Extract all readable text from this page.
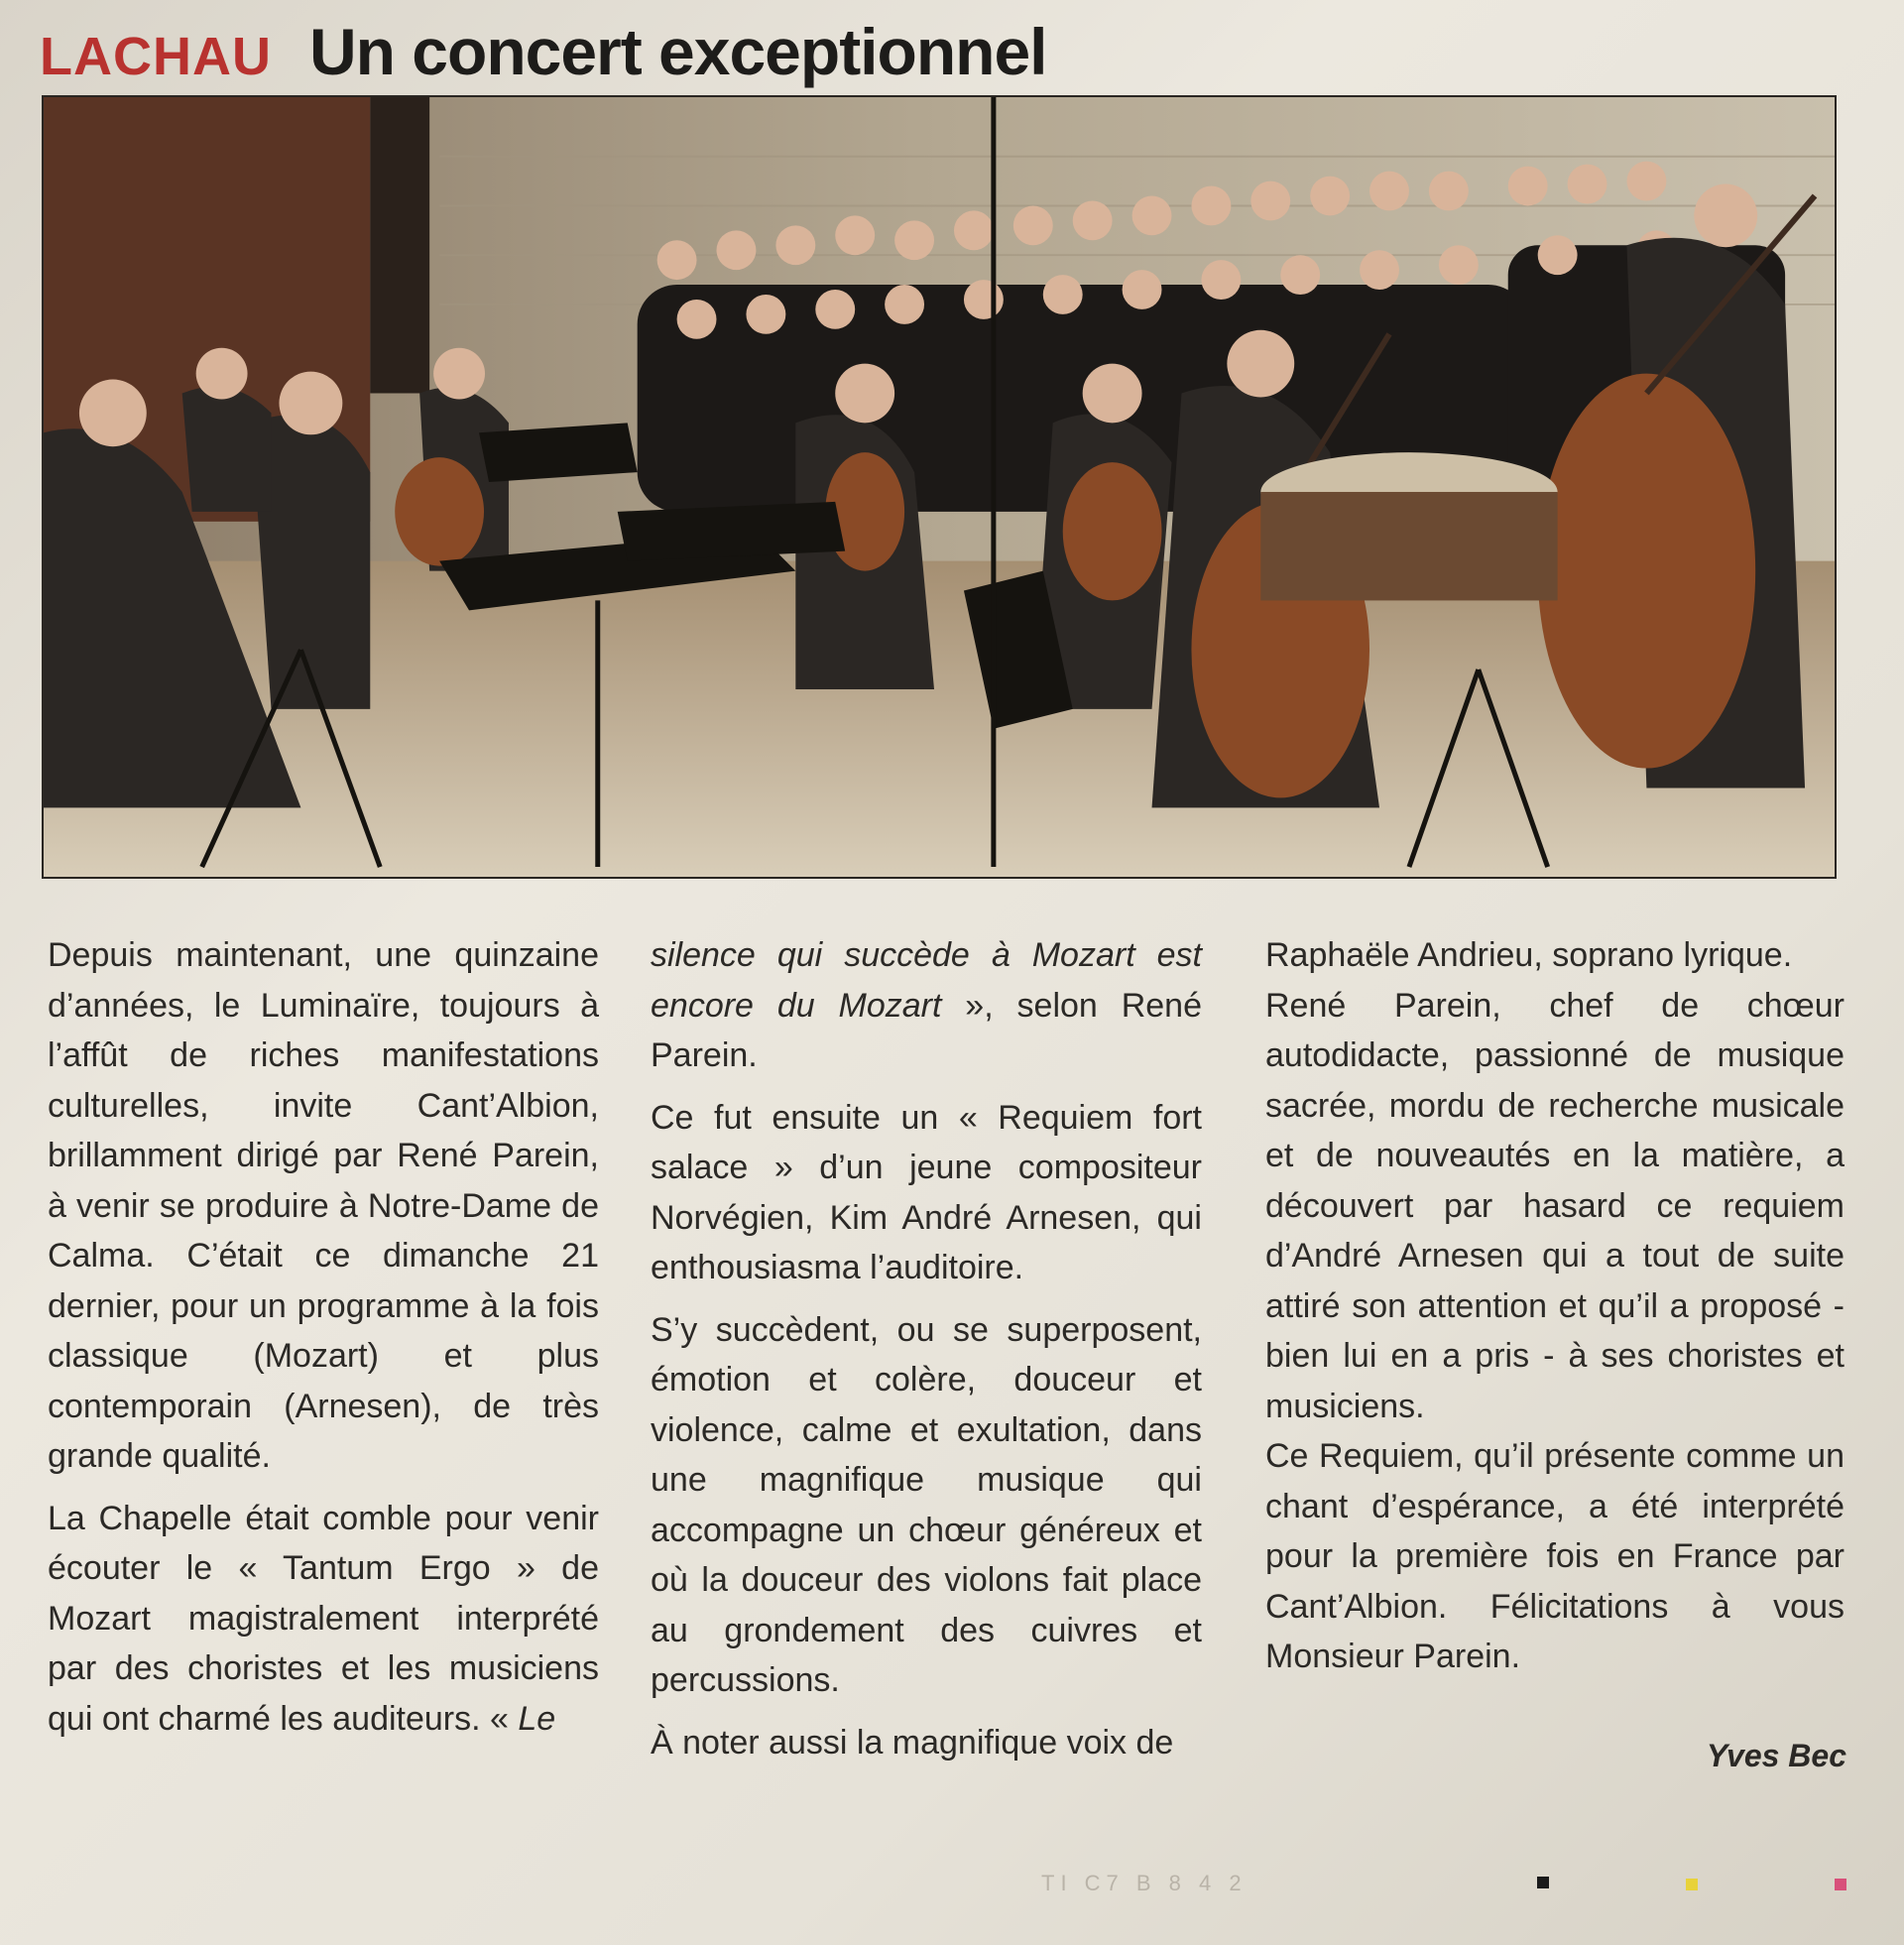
LACHAU Un concert exceptionnel

Depuis maintenant, une quinzaine d’années, le Luminaïre, toujours à l’affût de riches manifestations culturelles, invite Cant’Albion, brillamment dirigé par René Parein, à venir se produire à Notre-Dame de Calma. C’était ce dimanche 21 dernier, pour un programme à la fois classique (Mozart) et plus contemporain (Arnesen), de très grande qualité.

La Chapelle était comble pour venir écouter le « Tantum Ergo » de Mozart magistralement interprété par des choristes et les musiciens qui ont charmé les auditeurs. « Le

silence qui succède à Mozart est encore du Mozart », selon René Parein.

Ce fut ensuite un « Requiem fort salace » d’un jeune compositeur Norvégien, Kim André Arnesen, qui enthousiasma l’auditoire.

S’y succèdent, ou se superposent, émotion et colère, douceur et violence, calme et exultation, dans une magnifique musique qui accompagne un chœur généreux et où la douceur des violons fait place au grondement des cuivres et percussions.

À noter aussi la magnifique voix de

Raphaële Andrieu, soprano lyrique.

René Parein, chef de chœur autodidacte, passionné de musique sacrée, mordu de recherche musicale et de nouveautés en la matière, a découvert par hasard ce requiem d’André Arnesen qui a tout de suite attiré son attention et qu’il a proposé - bien lui en a pris - à ses choristes et musiciens.

Ce Requiem, qu’il présente comme un chant d’espérance, a été interprété pour la première fois en France par Cant’Albion. Félicitations à vous Monsieur Parein.

Yves Bec
TI C7 B 8 4 2
